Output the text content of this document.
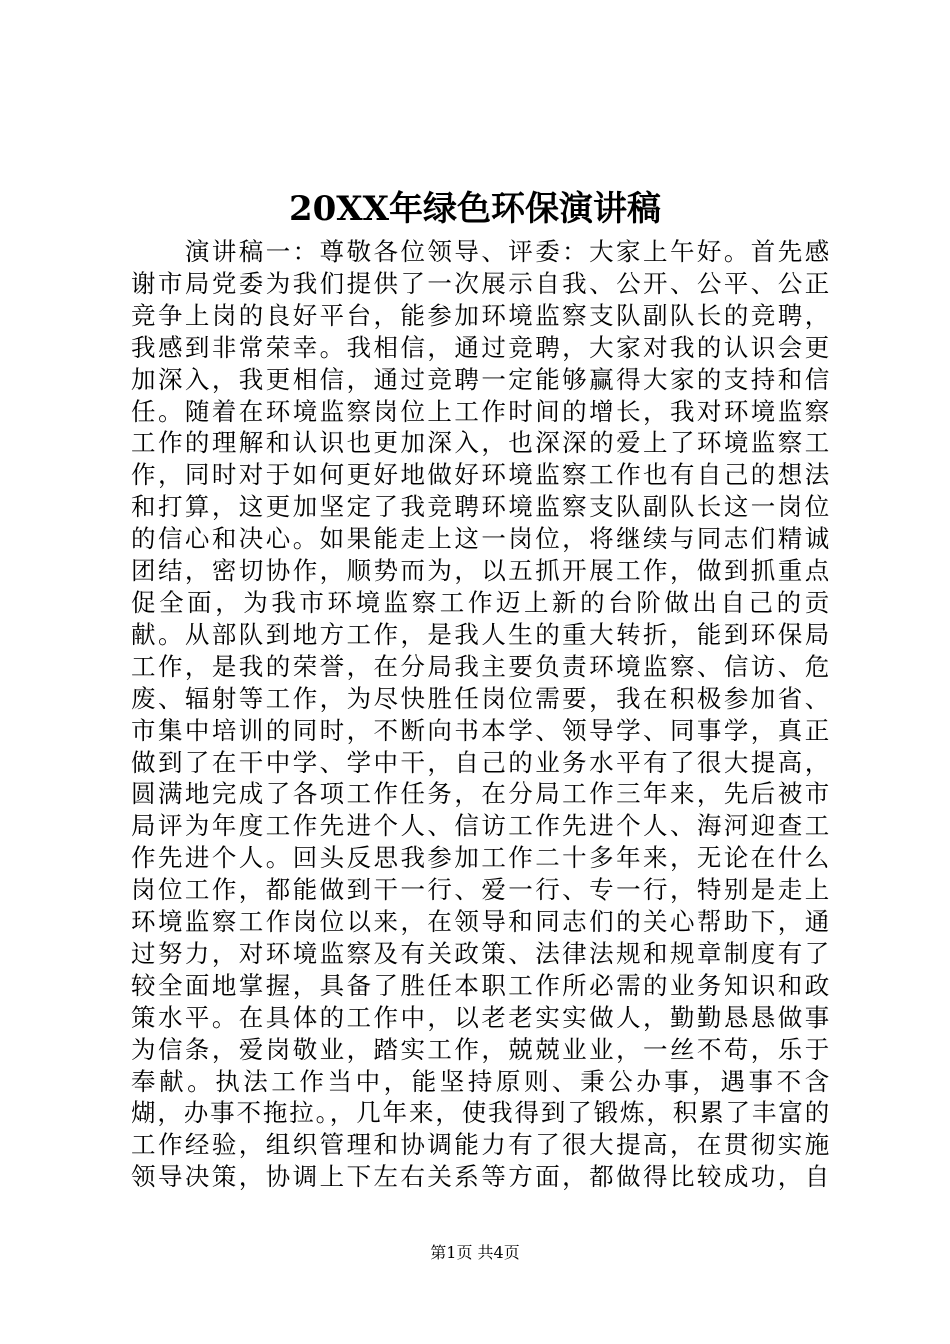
20XX年绿色环保演讲稿

演讲稿一：尊敬各位领导、评委：大家上午好。首先感谢市局党委为我们提供了一次展示自我、公开、公平、公正竞争上岗的良好平台，能参加环境监察支队副队长的竞聘，我感到非常荣幸。我相信，通过竞聘，大家对我的认识会更加深入，我更相信，通过竞聘一定能够赢得大家的支持和信任。随着在环境监察岗位上工作时间的增长，我对环境监察工作的理解和认识也更加深入，也深深的爱上了环境监察工作，同时对于如何更好地做好环境监察工作也有自己的想法和打算，这更加坚定了我竞聘环境监察支队副队长这一岗位的信心和决心。如果能走上这一岗位，将继续与同志们精诚团结，密切协作，顺势而为，以五抓开展工作，做到抓重点促全面，为我市环境监察工作迈上新的台阶做出自己的贡献。从部队到地方工作，是我人生的重大转折，能到环保局工作，是我的荣誉，在分局我主要负责环境监察、信访、危废、辐射等工作，为尽快胜任岗位需要，我在积极参加省、市集中培训的同时，不断向书本学、领导学、同事学，真正做到了在干中学、学中干，自己的业务水平有了很大提高，圆满地完成了各项工作任务，在分局工作三年来，先后被市局评为年度工作先进个人、信访工作先进个人、海河迎查工作先进个人。回头反思我参加工作二十多年来，无论在什么岗位工作，都能做到干一行、爱一行、专一行，特别是走上环境监察工作岗位以来，在领导和同志们的关心帮助下，通过努力，对环境监察及有关政策、法律法规和规章制度有了较全面地掌握，具备了胜任本职工作所必需的业务知识和政策水平。在具体的工作中，以老老实实做人，勤勤恳恳做事为信条，爱岗敬业，踏实工作，兢兢业业，一丝不苟，乐于奉献。执法工作当中，能坚持原则、秉公办事，遇事不含煳，办事不拖拉。，几年来，使我得到了锻炼，积累了丰富的工作经验，组织管理和协调能力有了很大提高，在贯彻实施领导决策，协调上下左右关系等方面，都做得比较成功，自

第1页 共4页
